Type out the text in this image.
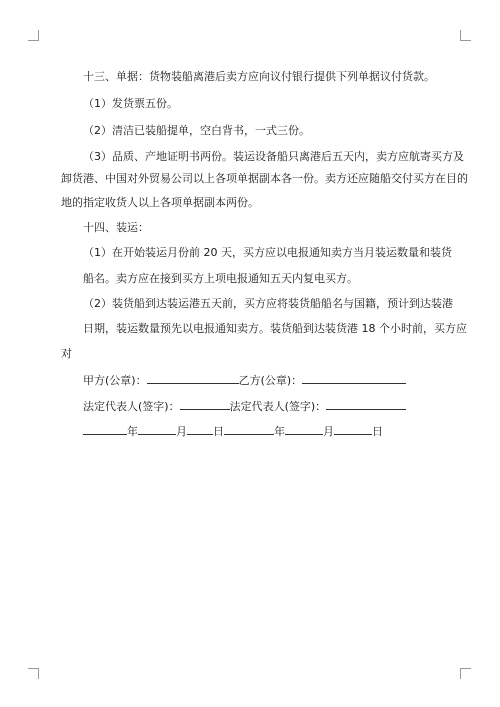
十三、单据：货物装船离港后卖方应向议付银行提供下列单据议付货款。
（1）发货票五份。
（2）清洁已装船提单，空白背书，一式三份。
（3）品质、产地证明书两份。装运设备船只离港后五天内，卖方应航寄买方及
卸货港、中国对外贸易公司以上各项单据副本各一份。卖方还应随船交付买方在目的
地的指定收货人以上各项单据副本两份。
十四、装运：
（1）在开始装运月份前 20 天，买方应以电报通知卖方当月装运数量和装货
船名。卖方应在接到买方上项电报通知五天内复电买方。
（2）装货船到达装运港五天前，买方应将装货船船名与国籍，预计到达装港
日期，装运数量预先以电报通知卖方。装货船到达装货港 18 个小时前，买方应
对
甲方(公章)：	乙方(公章)：
法定代表人(签字)：	法定代表人(签字)：
年	月 日	年	月	日
